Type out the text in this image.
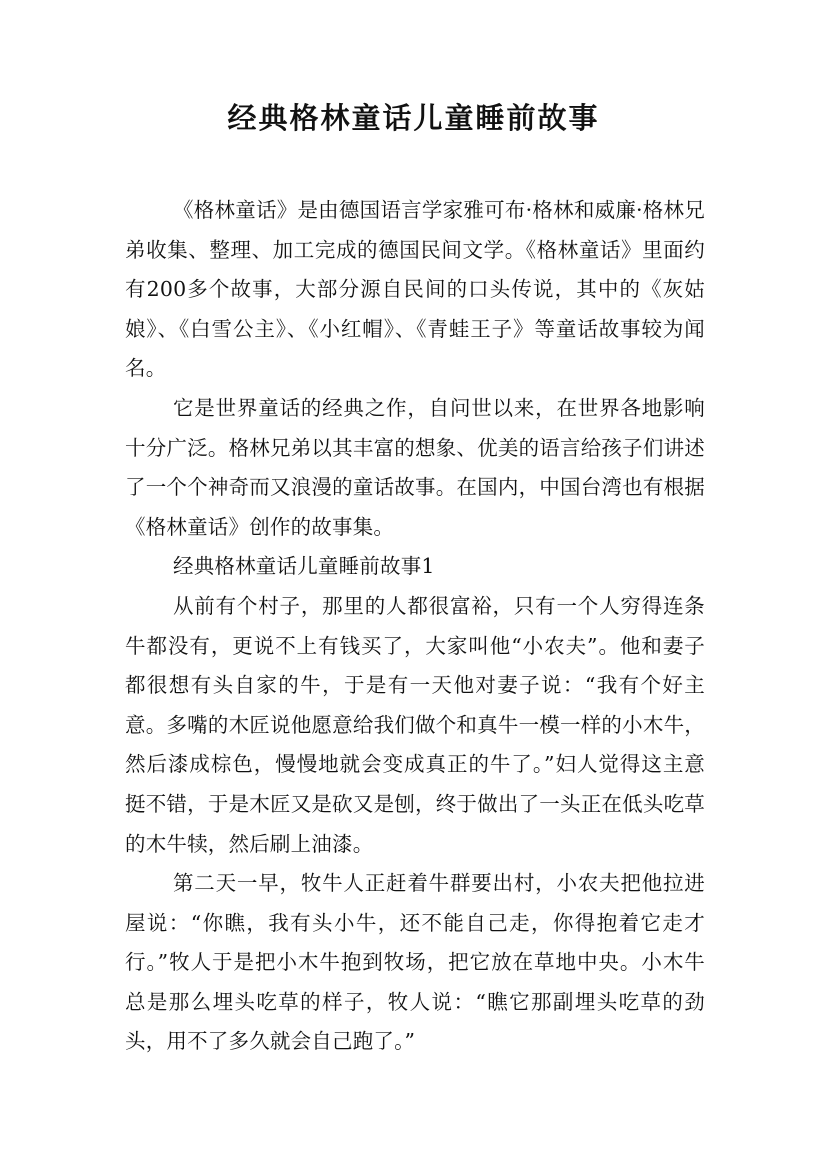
经典格林童话儿童睡前故事

《格林童话》是由德国语言学家雅可布·格林和威廉·格林兄弟收集、整理、加工完成的德国民间文学。《格林童话》里面约有200多个故事，大部分源自民间的口头传说，其中的《灰姑娘》、《白雪公主》、《小红帽》、《青蛙王子》等童话故事较为闻名。

它是世界童话的经典之作，自问世以来，在世界各地影响十分广泛。格林兄弟以其丰富的想象、优美的语言给孩子们讲述了一个个神奇而又浪漫的童话故事。在国内，中国台湾也有根据《格林童话》创作的故事集。

经典格林童话儿童睡前故事1

从前有个村子，那里的人都很富裕，只有一个人穷得连条牛都没有，更说不上有钱买了，大家叫他“小农夫”。他和妻子都很想有头自家的牛，于是有一天他对妻子说：“我有个好主意。多嘴的木匠说他愿意给我们做个和真牛一模一样的小木牛，然后漆成棕色，慢慢地就会变成真正的牛了。”妇人觉得这主意挺不错，于是木匠又是砍又是刨，终于做出了一头正在低头吃草的木牛犊，然后刷上油漆。

第二天一早，牧牛人正赶着牛群要出村，小农夫把他拉进屋说：“你瞧，我有头小牛，还不能自己走，你得抱着它走才行。”牧人于是把小木牛抱到牧场，把它放在草地中央。小木牛总是那么埋头吃草的样子，牧人说：“瞧它那副埋头吃草的劲头，用不了多久就会自己跑了。”
